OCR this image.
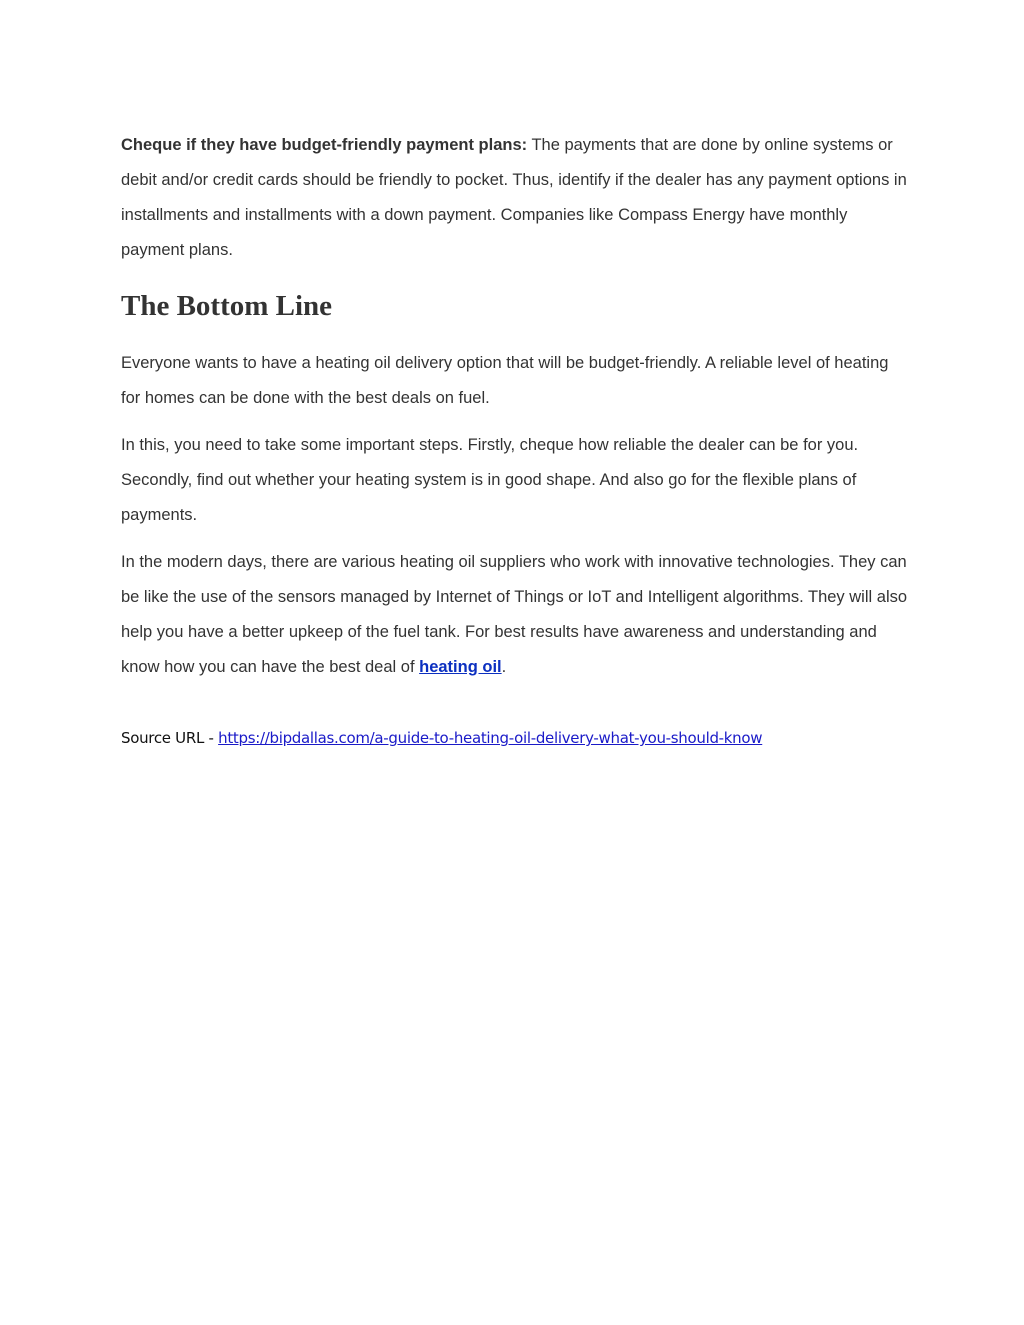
Cheque if they have budget-friendly payment plans: The payments that are done by online systems or debit and/or credit cards should be friendly to pocket. Thus, identify if the dealer has any payment options in installments and installments with a down payment. Companies like Compass Energy have monthly payment plans.

The Bottom Line

Everyone wants to have a heating oil delivery option that will be budget-friendly. A reliable level of heating for homes can be done with the best deals on fuel.

In this, you need to take some important steps. Firstly, cheque how reliable the dealer can be for you. Secondly, find out whether your heating system is in good shape. And also go for the flexible plans of payments.

In the modern days, there are various heating oil suppliers who work with innovative technologies. They can be like the use of the sensors managed by Internet of Things or IoT and Intelligent algorithms. They will also help you have a better upkeep of the fuel tank. For best results have awareness and understanding and know how you can have the best deal of heating oil.

Source URL - https://bipdallas.com/a-guide-to-heating-oil-delivery-what-you-should-know
